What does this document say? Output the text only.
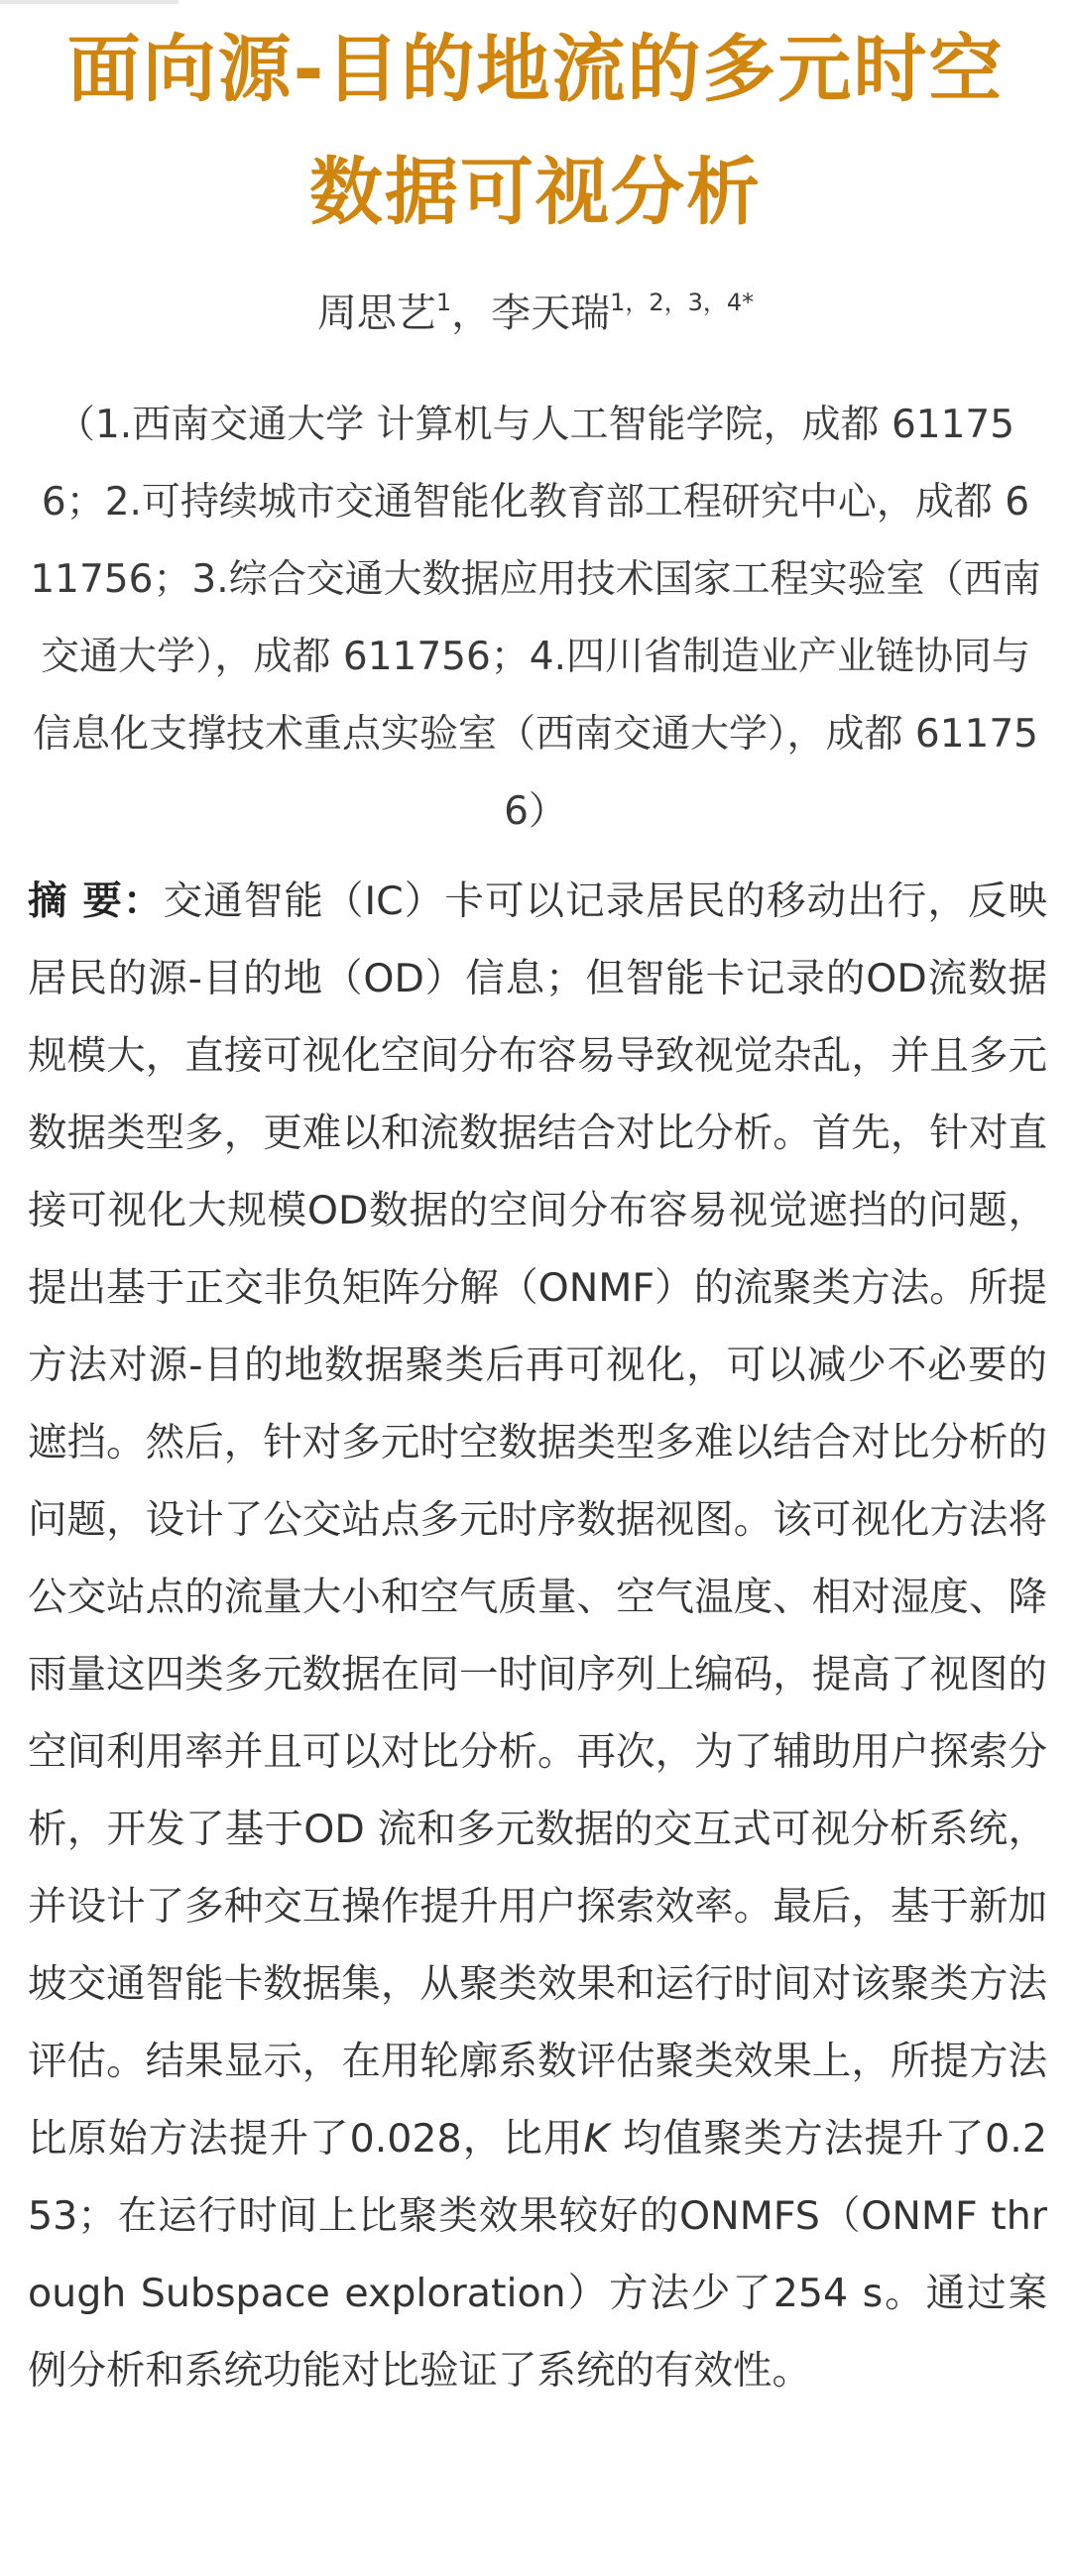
面向源-目的地流的多元时空
数据可视分析
周思艺$^1$，李天瑞$^{1,2,3,4*}$

（1.西南交通大学 计算机与人工智能学院，成都 611756；2.可持续城市交通智能化教育部工程研究中心，成都 611756；3.综合交通大数据应用技术国家工程实验室（西南交通大学），成都 611756；4.四川省制造业产业链协同与信息化支撑技术重点实验室（西南交通大学），成都 611756）

摘 要：交通智能（IC）卡可以记录居民的移动出行，反映居民的源-目的地（OD）信息；但智能卡记录的OD流数据规模大，直接可视化空间分布容易导致视觉杂乱，并且多元数据类型多，更难以和流数据结合对比分析。首先，针对直接可视化大规模OD数据的空间分布容易视觉遮挡的问题，提出基于正交非负矩阵分解（ONMF）的流聚类方法。所提方法对源-目的地数据聚类后再可视化，可以减少不必要的遮挡。然后，针对多元时空数据类型多难以结合对比分析的问题，设计了公交站点多元时序数据视图。该可视化方法将公交站点的流量大小和空气质量、空气温度、相对湿度、降雨量这四类多元数据在同一时间序列上编码，提高了视图的空间利用率并且可以对比分析。再次，为了辅助用户探索分析，开发了基于OD 流和多元数据的交互式可视分析系统，并设计了多种交互操作提升用户探索效率。最后，基于新加坡交通智能卡数据集，从聚类效果和运行时间对该聚类方法评估。结果显示，在用轮廓系数评估聚类效果上，所提方法比原始方法提升了0.028，比用K 均值聚类方法提升了0.253；在运行时间上比聚类效果较好的ONMFS（ONMF through Subspace exploration）方法少了254 s。通过案例分析和系统功能对比验证了系统的有效性。
